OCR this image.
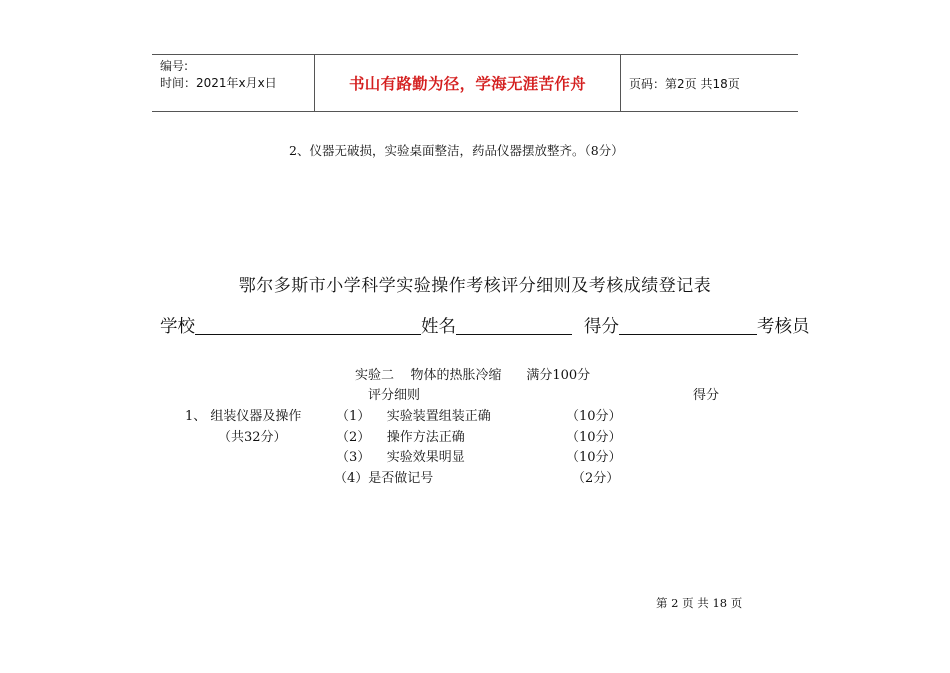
编号:
时间：2021年x月x日	书山有路勤为径，学海无涯苦作舟	页码：第2页 共18页
2、仪器无破损，实验桌面整洁，药品仪器摆放整齐。（8分）
鄂尔多斯市小学科学实验操作考核评分细则及考核成绩登记表
学校	姓名	得分	考核员
实验二    物体的热胀冷缩      满分100分
评分细则	得分
1、 组装仪器及操作
（共32分）
（1）    实验装置组装正确	（10分）
（2）    操作方法正确	（10分）
（3）    实验效果明显	（10分）
（4）是否做记号	（2分）
第 2 页 共 18 页
